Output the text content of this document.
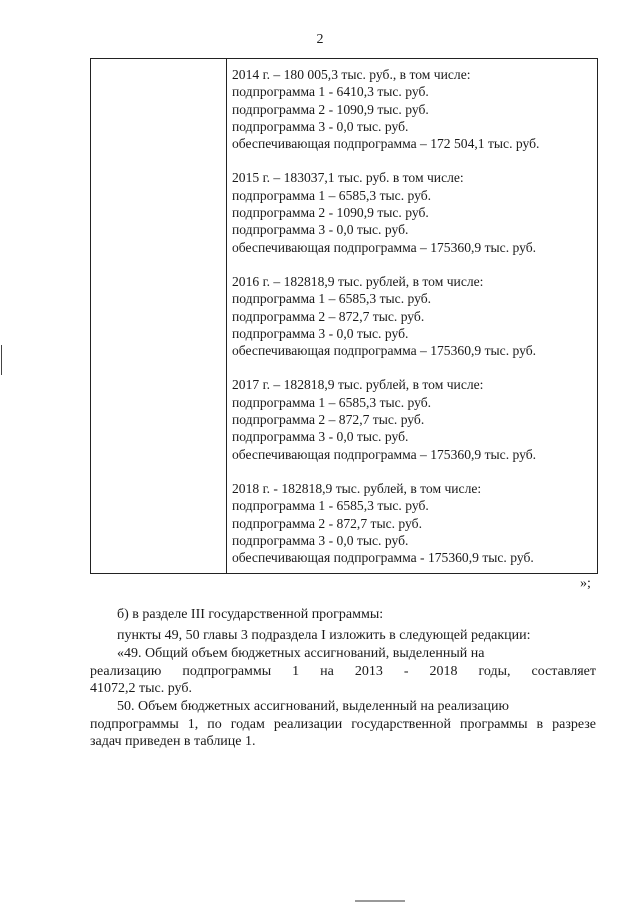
2
2014 г. – 180 005,3 тыс. руб., в том числе:
подпрограмма 1 - 6410,3 тыс. руб.
подпрограмма 2 - 1090,9 тыс. руб.
подпрограмма 3 - 0,0 тыс. руб.
обеспечивающая подпрограмма – 172 504,1 тыс. руб.
2015 г. – 183037,1 тыс. руб. в том числе:
подпрограмма 1 – 6585,3 тыс. руб.
подпрограмма 2 - 1090,9 тыс. руб.
подпрограмма 3 - 0,0 тыс. руб.
обеспечивающая подпрограмма – 175360,9 тыс. руб.
2016 г. – 182818,9 тыс. рублей, в том числе:
подпрограмма 1 – 6585,3 тыс. руб.
подпрограмма 2 – 872,7 тыс. руб.
подпрограмма 3 - 0,0 тыс. руб.
обеспечивающая подпрограмма – 175360,9 тыс. руб.
2017 г. – 182818,9 тыс. рублей, в том числе:
подпрограмма 1 – 6585,3 тыс. руб.
подпрограмма 2 – 872,7 тыс. руб.
подпрограмма 3 - 0,0 тыс. руб.
обеспечивающая подпрограмма – 175360,9 тыс. руб.
2018 г. - 182818,9 тыс. рублей, в том числе:
подпрограмма 1 - 6585,3 тыс. руб.
подпрограмма 2 - 872,7 тыс. руб.
подпрограмма 3 - 0,0 тыс. руб.
обеспечивающая подпрограмма - 175360,9 тыс. руб.
»;
б) в разделе III государственной программы:
пункты 49, 50 главы 3 подраздела I изложить в следующей редакции:
«49. Общий объем бюджетных ассигнований, выделенный на
реализацию подпрограммы 1 на 2013 - 2018 годы, составляет
41072,2 тыс. руб.
50. Объем бюджетных ассигнований, выделенный на реализацию
подпрограммы 1, по годам реализации государственной программы в разрезе
задач приведен в таблице 1.
